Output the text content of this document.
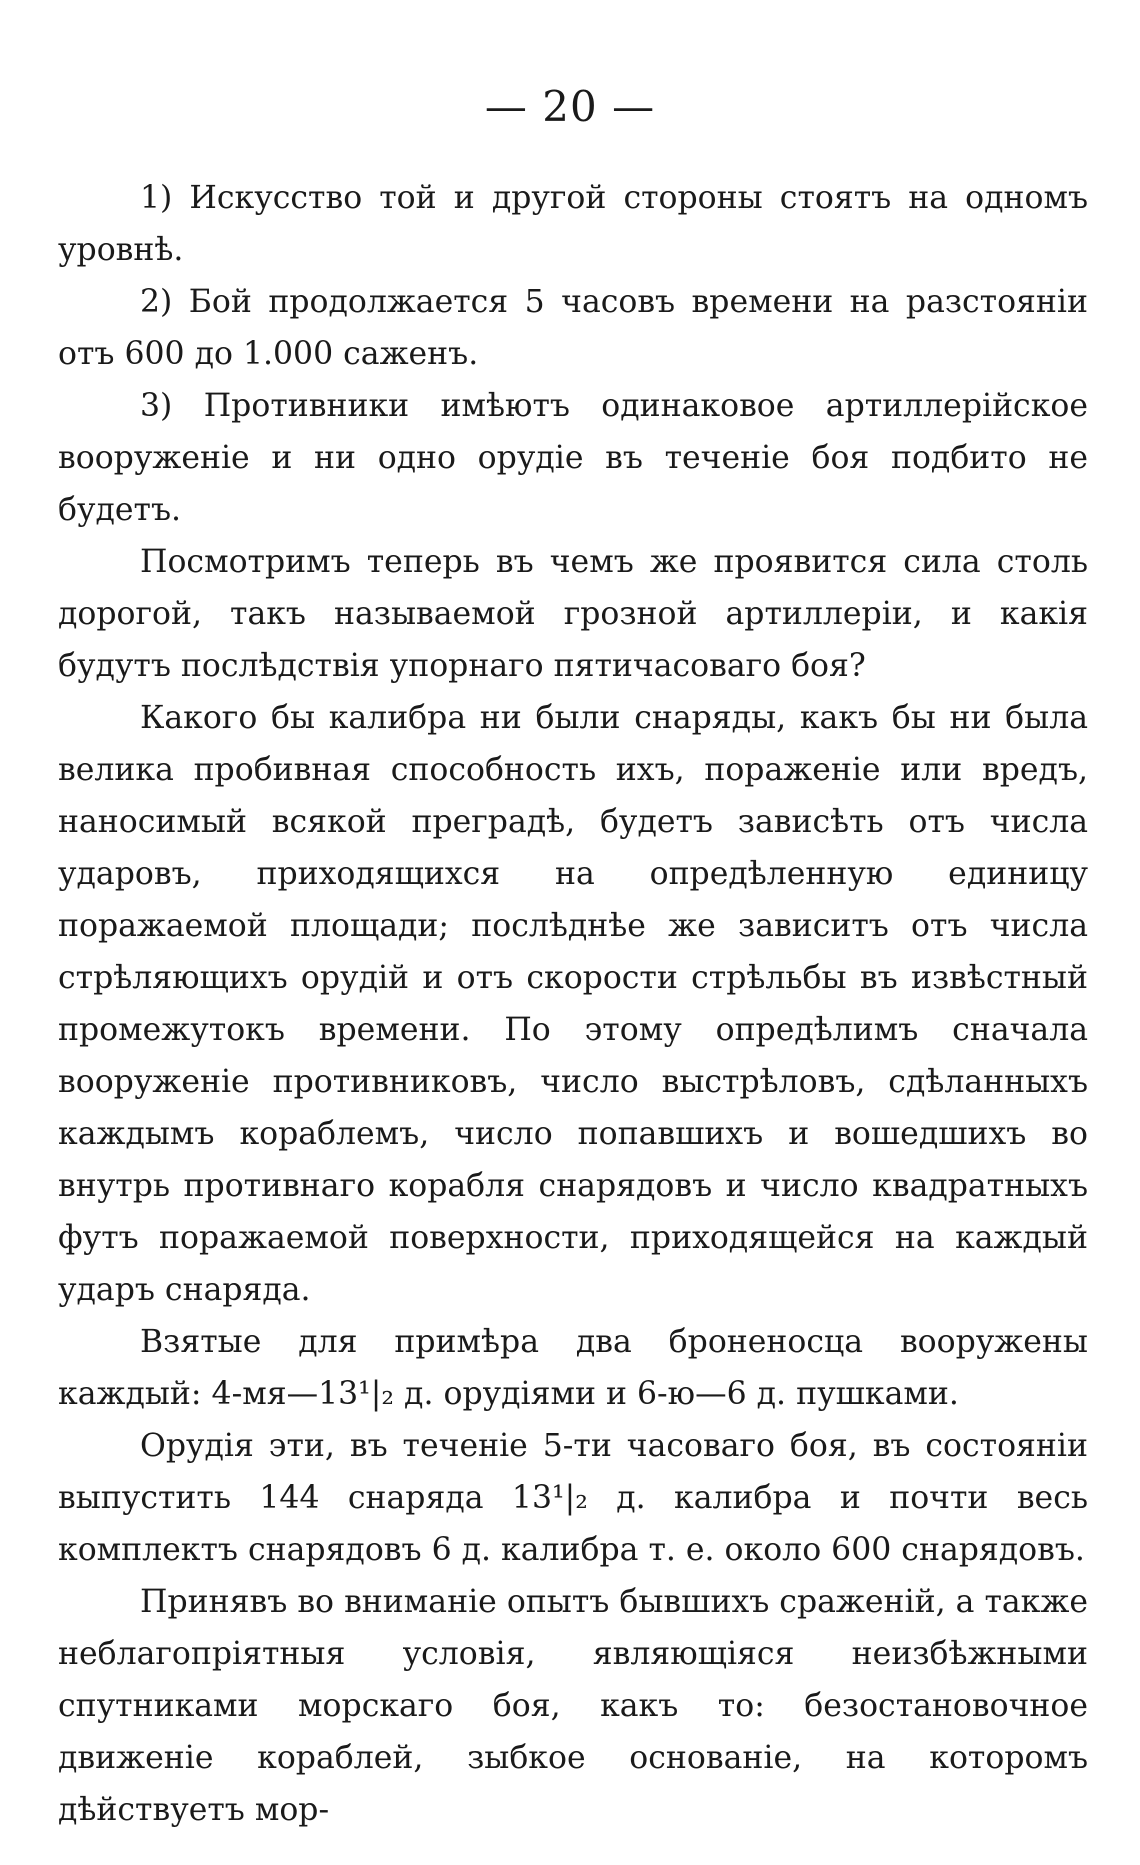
— 20 —

1) Искусство той и другой стороны стоятъ на одномъ уровнѣ.

2) Бой продолжается 5 часовъ времени на разстояніи отъ 600 до 1.000 саженъ.

3) Противники имѣютъ одинаковое артиллерійское вооруженіе и ни одно орудіе въ теченіе боя подбито не будетъ.

Посмотримъ теперь въ чемъ же проявится сила столь дорогой, такъ называемой грозной артиллеріи, и какія будутъ послѣдствія упорнаго пятичасоваго боя?

Какого бы калибра ни были снаряды, какъ бы ни была велика пробивная способность ихъ, пораженіе или вредъ, наносимый всякой преградѣ, будетъ зависѣть отъ числа ударовъ, приходящихся на опредѣленную единицу поражаемой площади; послѣднѣе же зависитъ отъ числа стрѣляющихъ орудій и отъ скорости стрѣльбы въ извѣстный промежутокъ времени. По этому опредѣлимъ сначала вооруженіе противниковъ, число выстрѣловъ, сдѣланныхъ каждымъ кораблемъ, число попавшихъ и вошедшихъ во внутрь противнаго корабля снарядовъ и число квадратныхъ футъ поражаемой поверхности, приходящейся на каждый ударъ снаряда.

Взятые для примѣра два броненосца вооружены каждый: 4-мя—13¹|₂ д. орудіями и 6-ю—6 д. пушками.

Орудія эти, въ теченіе 5-ти часоваго боя, въ состояніи выпустить 144 снаряда 13¹|₂ д. калибра и почти весь комплектъ снарядовъ 6 д. калибра т. е. около 600 снарядовъ.

Принявъ во вниманіе опытъ бывшихъ сраженій, а также неблагопріятныя условія, являющіяся неизбѣжными спутниками морскаго боя, какъ то: безостановочное движеніе кораблей, зыбкое основаніе, на которомъ дѣйствуетъ мор-
